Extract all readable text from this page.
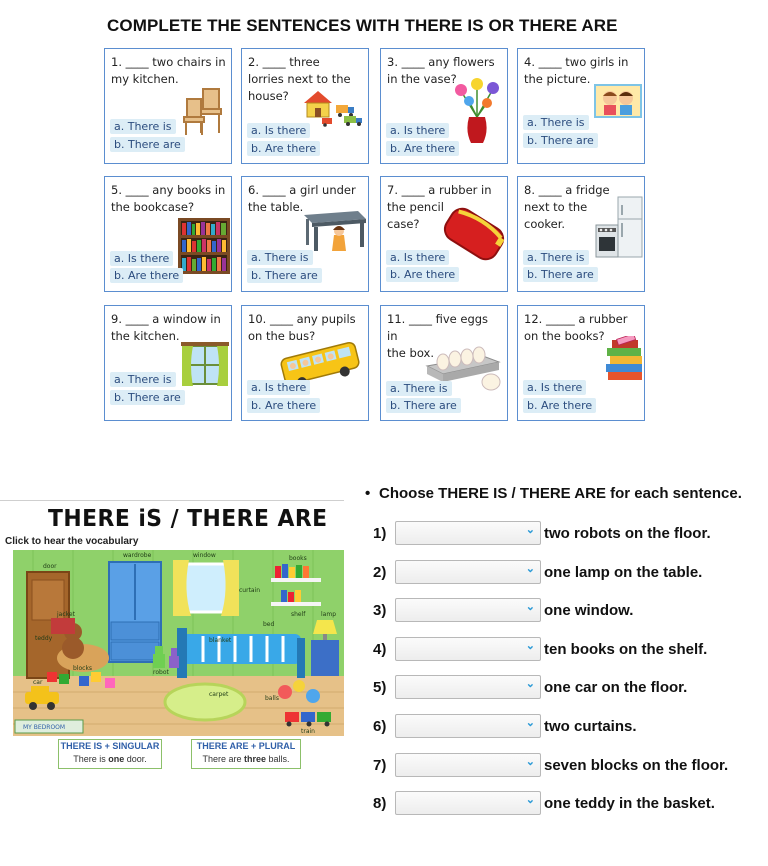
COMPLETE THE SENTENCES WITH THERE IS OR THERE ARE
1. ____ two chairs in
my kitchen.
a. There is
b. There are
2. ____ three
lorries next to the
house?
a. Is there
b. Are there
3. ____ any flowers
in the vase?
a. Is there
b. Are there
4. ____ two girls in
the picture.
a. There is
b. There are
5. ____ any books in
the bookcase?
a. Is there
b. Are there
6. ____ a girl under
the table.
a. There is
b. There are
7. ____ a rubber in
the pencil
case?
a. Is there
b. Are there
8. ____ a fridge
next to the
cooker.
a. There is
b. There are
9. ____ a window in
the kitchen.
a. There is
b. There are
10. ____ any pupils
on the bus?
a. Is there
b. Are there
11. ____ five eggs in
the box.
a. There is
b. There are
12. _____ a rubber
on the books?
a. Is there
b. Are there
THERE iS / THERE ARE
Click to hear the vocabulary
wardrobe	window	books
door
curtain
shelf	lamp
jacket
bed
teddy	blanket
robot
blocks
car
carpet
balls
train
MY BEDROOM
THERE IS + SINGULAR
There is one door.
THERE ARE + PLURAL
There are three balls.
• Choose THERE IS / THERE ARE for each sentence.
1)	⌄ two robots on the floor.
2)	⌄ one lamp on the table.
3)	⌄ one window.
4)	⌄ ten books on the shelf.
5)	⌄ one car on the floor.
6)	⌄ two curtains.
7)	⌄ seven blocks on the floor.
8)	⌄ one teddy in the basket.
